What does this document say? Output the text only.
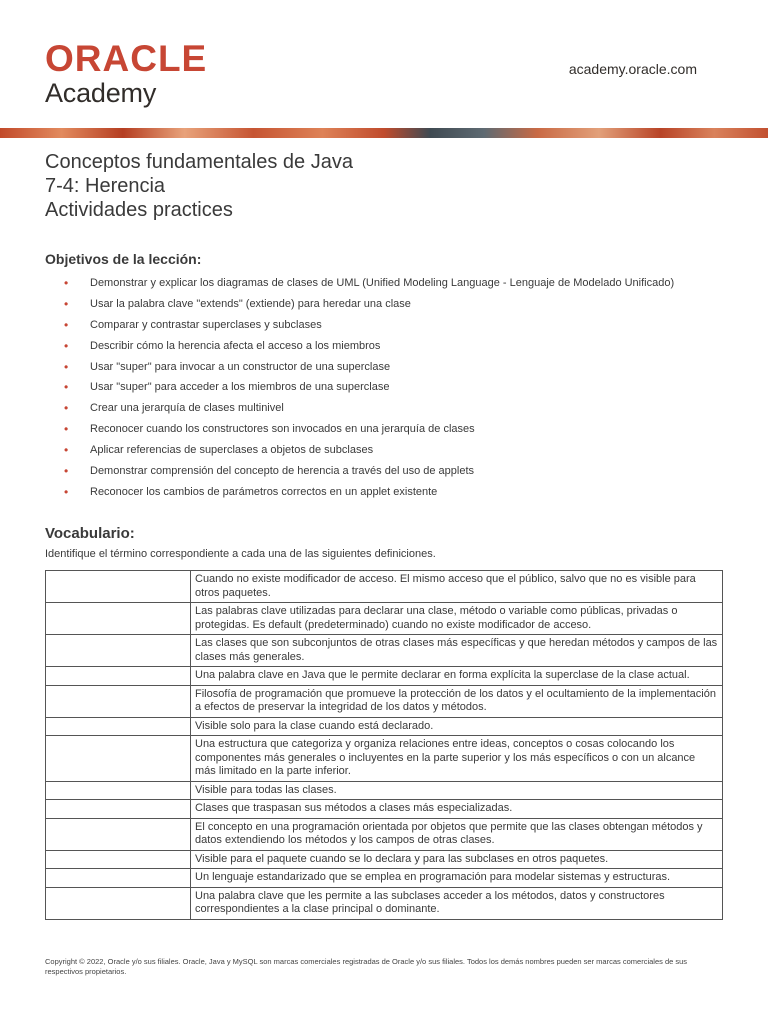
ORACLE
Academy
academy.oracle.com
Conceptos fundamentales de Java
7-4: Herencia
Actividades practices
Objetivos de la lección:
• Demonstrar y explicar los diagramas de clases de UML (Unified Modeling Language - Lenguaje de Modelado Unificado)
• Usar la palabra clave "extends" (extiende) para heredar una clase
• Comparar y contrastar superclases y subclases
• Describir cómo la herencia afecta el acceso a los miembros
• Usar "super" para invocar a un constructor de una superclase
• Usar "super" para acceder a los miembros de una superclase
• Crear una jerarquía de clases multinivel
• Reconocer cuando los constructores son invocados en una jerarquía de clases
• Aplicar referencias de superclases a objetos de subclases
• Demonstrar comprensión del concepto de herencia a través del uso de applets
• Reconocer los cambios de parámetros correctos en un applet existente
Vocabulario:
Identifique el término correspondiente a cada una de las siguientes definiciones.
	Cuando no existe modificador de acceso. El mismo acceso que el público, salvo que no es visible para otros paquetes.
	Las palabras clave utilizadas para declarar una clase, método o variable como públicas, privadas o protegidas. Es default (predeterminado) cuando no existe modificador de acceso.
	Las clases que son subconjuntos de otras clases más específicas y que heredan métodos y campos de las clases más generales.
	Una palabra clave en Java que le permite declarar en forma explícita la superclase de la clase actual.
	Filosofía de programación que promueve la protección de los datos y el ocultamiento de la implementación a efectos de preservar la integridad de los datos y métodos.
	Visible solo para la clase cuando está declarado.
	Una estructura que categoriza y organiza relaciones entre ideas, conceptos o cosas colocando los componentes más generales o incluyentes en la parte superior y los más específicos o con un alcance más limitado en la parte inferior.
	Visible para todas las clases.
	Clases que traspasan sus métodos a clases más especializadas.
	El concepto en una programación orientada por objetos que permite que las clases obtengan métodos y datos extendiendo los métodos y los campos de otras clases.
	Visible para el paquete cuando se lo declara y para las subclases en otros paquetes.
	Un lenguaje estandarizado que se emplea en programación para modelar sistemas y estructuras.
	Una palabra clave que les permite a las subclases acceder a los métodos, datos y constructores correspondientes a la clase principal o dominante.
Copyright © 2022, Oracle y/o sus filiales. Oracle, Java y MySQL son marcas comerciales registradas de Oracle y/o sus filiales. Todos los demás nombres pueden ser marcas comerciales de sus respectivos propietarios.
